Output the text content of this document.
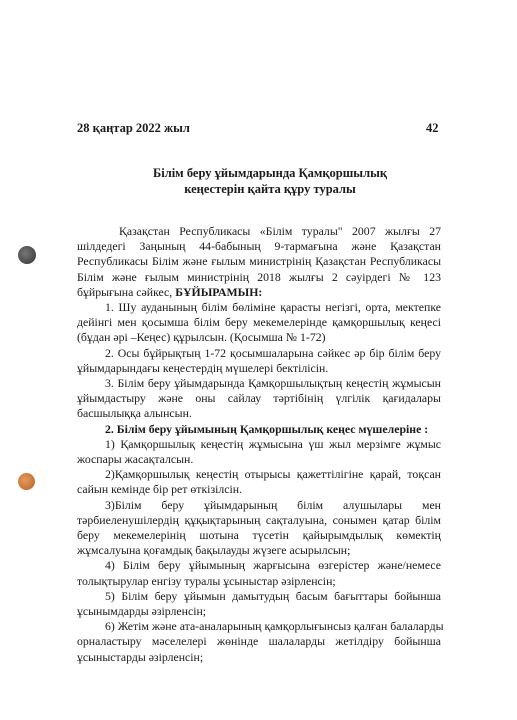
28 қаңтар 2022 жыл	42
Білім беру ұйымдарында Қамқоршылық
кеңестерін қайта құру туралы
Қазақстан Республикасы «Білім туралы" 2007 жылғы 27
шілдедегі Заңының 44-бабының 9-тармағына және Қазақстан
Республикасы Білім және ғылым министрінің Қазақстан Республикасы
Білім және ғылым министрінің 2018 жылғы 2 сәуірдегі № 123
бұйрығына сәйкес, БҰЙЫРАМЫН:
1. Шу ауданының білім бөліміне қарасты негізгі, орта, мектепке
дейінгі мен қосымша білім беру мекемелерінде қамқоршылық кеңесі
(бұдан әрі –Кеңес) құрылсын. (Қосымша № 1-72)
2. Осы бұйрықтың 1-72 қосымшаларына сәйкес әр бір білім беру
ұйымдарындағы кеңестердің мүшелері бектілісін.
3. Білім беру ұйымдарында Қамқоршылықтың кеңестің жұмысын
ұйымдастыру және оны сайлау тәртібінің үлгілік қағидалары
басшылыққа алынсын.
2. Білім беру ұйымының Қамқоршылық кеңес мүшелеріне :
1) Қамқоршылық кеңестің жұмысына үш жыл мерзімге жұмыс
жоспары жасақталсын.
2)Қамқоршылық кеңестің отырысы қажеттілігіне қарай, тоқсан
сайын кемінде бір рет өткізілсін.
3)Білім беру ұйымдарының білім алушылары мен
тәрбиеленушілердің құқықтарының сақталуына, сонымен қатар білім
беру мекемелерінің шотына түсетін қайырымдылық көмектің
жұмсалуына қоғамдық бақылауды жүзеге асырылсын;
4) Білім беру ұйымының жарғысына өзгерістер және/немесе
толықтырулар енгізу туралы ұсыныстар әзірленсін;
5) Білім беру ұйымын дамытудың басым бағыттары бойынша
ұсынымдарды әзірленсін;
6) Жетім және ата-аналарының қамқорлығынсыз қалған балаларды
орналастыру мәселелері жөнінде шалаларды жетілдіру бойынша
ұсыныстарды әзірленсін;
